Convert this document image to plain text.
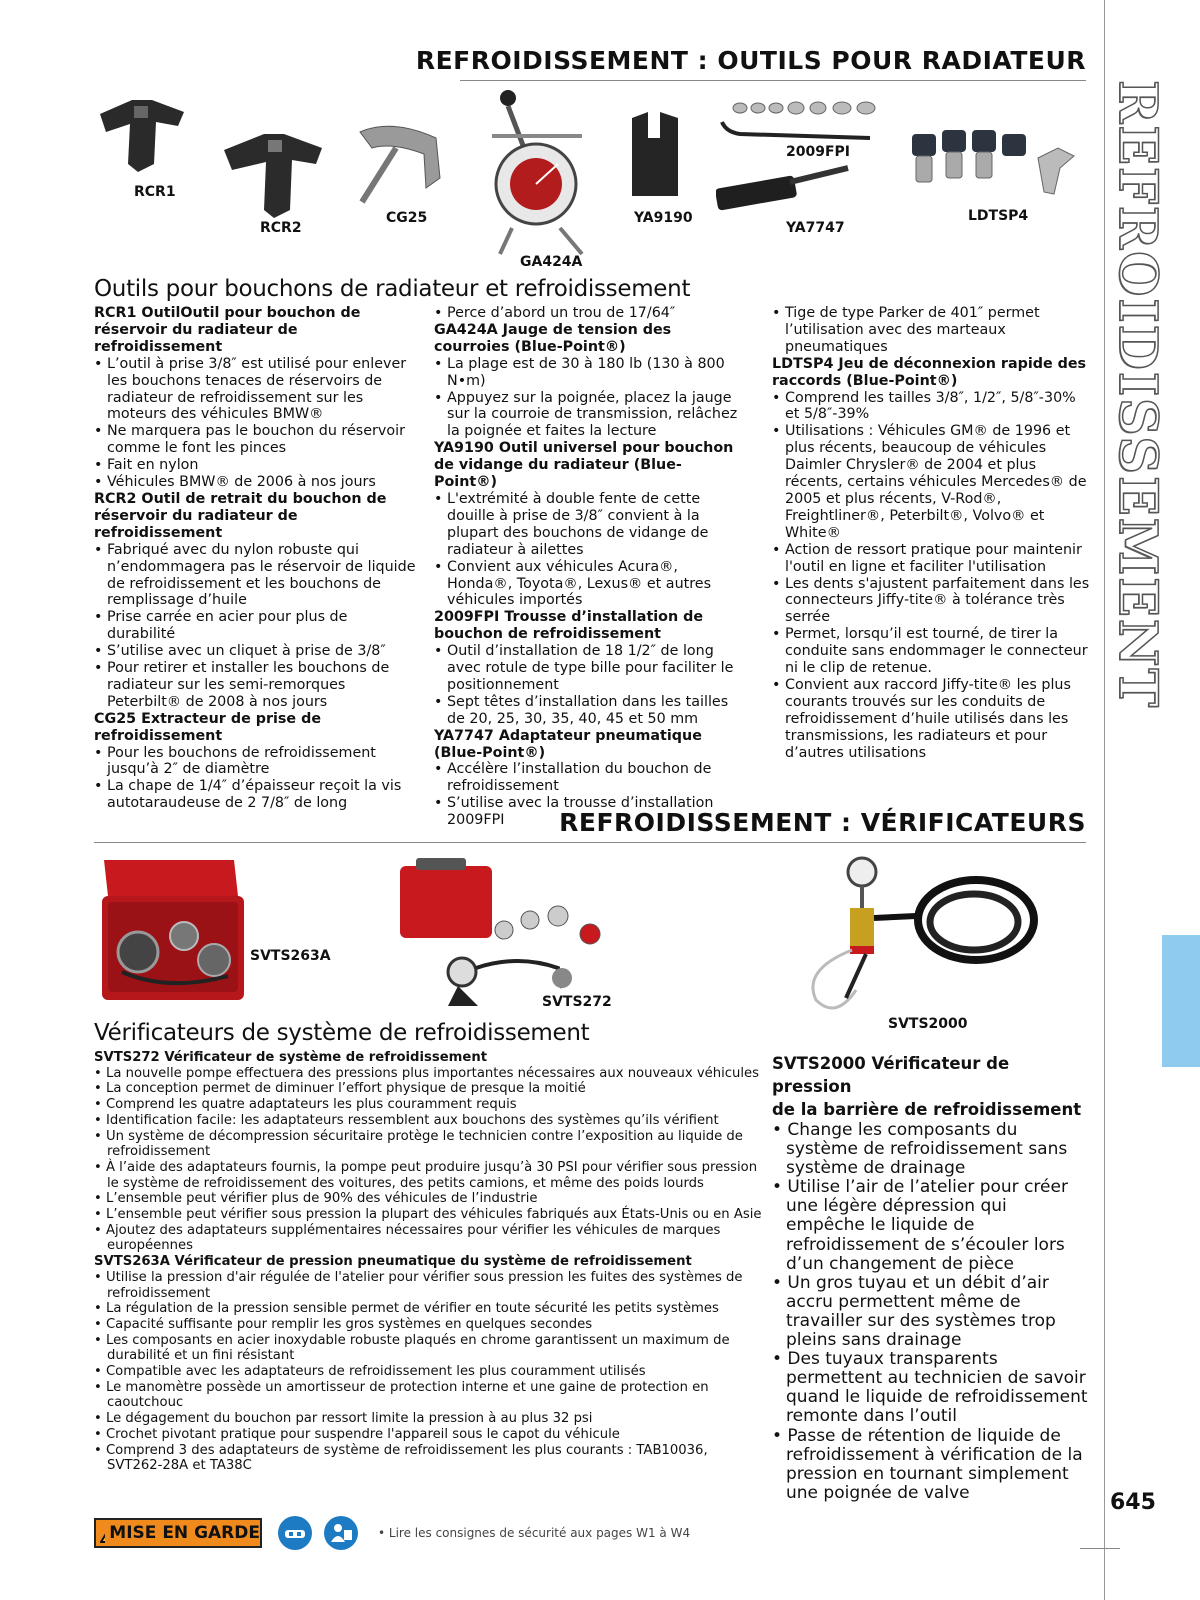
REFROIDISSEMENT
645
REFROIDISSEMENT : OUTILS POUR RADIATEUR
RCR1
RCR2
CG25
GA424A
YA9190
2009FPI
YA7747
LDTSP4
Outils pour bouchons de radiateur et refroidissement

RCR1 OutilOutil pour bouchon de réservoir du radiateur de refroidissement

• L’outil à prise 3/8″ est utilisé pour enlever les bouchons tenaces de réservoirs de radiateur de refroidissement sur les moteurs des véhicules BMW®

• Ne marquera pas le bouchon du réservoir comme le font les pinces

• Fait en nylon

• Véhicules BMW® de 2006 à nos jours

RCR2 Outil de retrait du bouchon de réservoir du radiateur de refroidissement

• Fabriqué avec du nylon robuste qui n’endommagera pas le réservoir de liquide de refroidissement et les bouchons de remplissage d’huile

• Prise carrée en acier pour plus de durabilité

• S’utilise avec un cliquet à prise de 3/8″

• Pour retirer et installer les bouchons de radiateur sur les semi-remorques Peterbilt® de 2008 à nos jours

CG25 Extracteur de prise de refroidissement

• Pour les bouchons de refroidissement jusqu’à 2″ de diamètre

• La chape de 1/4″ d’épaisseur reçoit la vis autotaraudeuse de 2 7/8″ de long

• Perce d’abord un trou de 17/64″

GA424A Jauge de tension des courroies (Blue-Point®)

• La plage est de 30 à 180 lb (130 à 800 N•m)

• Appuyez sur la poignée, placez la jauge sur la courroie de transmission, relâchez la poignée et faites la lecture

YA9190 Outil universel pour bouchon de vidange du radiateur (Blue-Point®)

• L'extrémité à double fente de cette douille à prise de 3/8″ convient à la plupart des bouchons de vidange de radiateur à ailettes

• Convient aux véhicules Acura®, Honda®, Toyota®, Lexus® et autres véhicules importés

2009FPI Trousse d’installation de bouchon de refroidissement

• Outil d’installation de 18 1/2″ de long avec rotule de type bille pour faciliter le positionnement

• Sept têtes d’installation dans les tailles de 20, 25, 30, 35, 40, 45 et 50 mm

YA7747 Adaptateur pneumatique (Blue-Point®)

• Accélère l’installation du bouchon de refroidissement

• S’utilise avec la trousse d’installation 2009FPI

• Tige de type Parker de 401″ permet l’utilisation avec des marteaux pneumatiques

LDTSP4 Jeu de déconnexion rapide des raccords (Blue-Point®)

• Comprend les tailles 3/8″, 1/2″, 5/8″-30% et 5/8″-39%

• Utilisations : Véhicules GM® de 1996 et plus récents, beaucoup de véhicules Daimler Chrysler® de 2004 et plus récents, certains véhicules Mercedes® de 2005 et plus récents, V-Rod®, Freightliner®, Peterbilt®, Volvo® et White®

• Action de ressort pratique pour maintenir l'outil en ligne et faciliter l'utilisation

• Les dents s'ajustent parfaitement dans les connecteurs Jiffy-tite® à tolérance très serrée

• Permet, lorsqu’il est tourné, de tirer la conduite sans endommager le connecteur ni le clip de retenue.

• Convient aux raccord Jiffy-tite® les plus courants trouvés sur les conduits de refroidissement d’huile utilisés dans les transmissions, les radiateurs et pour d’autres utilisations

REFROIDISSEMENT : VÉRIFICATEURS
SVTS263A
SVTS272
SVTS2000
Vérificateurs de système de refroidissement

SVTS272 Vérificateur de système de refroidissement

• La nouvelle pompe effectuera des pressions plus importantes nécessaires aux nouveaux véhicules

• La conception permet de diminuer l’effort physique de presque la moitié

• Comprend les quatre adaptateurs les plus couramment requis

• Identification facile: les adaptateurs ressemblent aux bouchons des systèmes qu’ils vérifient

• Un système de décompression sécuritaire protège le technicien contre l’exposition au liquide de refroidissement

• À l’aide des adaptateurs fournis, la pompe peut produire jusqu’à 30 PSI pour vérifier sous pression le système de refroidissement des voitures, des petits camions, et même des poids lourds

• L’ensemble peut vérifier plus de 90% des véhicules de l’industrie

• L’ensemble peut vérifier sous pression la plupart des véhicules fabriqués aux États-Unis ou en Asie

• Ajoutez des adaptateurs supplémentaires nécessaires pour vérifier les véhicules de marques européennes

SVTS263A Vérificateur de pression pneumatique du système de refroidissement

• Utilise la pression d'air régulée de l'atelier pour vérifier sous pression les fuites des systèmes de refroidissement

• La régulation de la pression sensible permet de vérifier en toute sécurité les petits systèmes

• Capacité suffisante pour remplir les gros systèmes en quelques secondes

• Les composants en acier inoxydable robuste plaqués en chrome garantissent un maximum de durabilité et un fini résistant

• Compatible avec les adaptateurs de refroidissement les plus couramment utilisés

• Le manomètre possède un amortisseur de protection interne et une gaine de protection en caoutchouc

• Le dégagement du bouchon par ressort limite la pression à au plus 32 psi

• Crochet pivotant pratique pour suspendre l'appareil sous le capot du véhicule

• Comprend 3 des adaptateurs de système de refroidissement les plus courants : TAB10036, SVT262-28A et TA38C

SVTS2000 Vérificateur de pression

de la barrière de refroidissement

• Change les composants du système de refroidissement sans système de drainage

• Utilise l’air de l’atelier pour créer une légère dépression qui empêche le liquide de refroidissement de s’écouler lors d’un changement de pièce

• Un gros tuyau et un débit d’air accru permettent même de travailler sur des systèmes trop pleins sans drainage

• Des tuyaux transparents permettent au technicien de savoir quand le liquide de refroidissement remonte dans l’outil

• Passe de rétention de liquide de refroidissement à vérification de la pression en tournant simplement une poignée de valve

MISE EN GARDE	• Lire les consignes de sécurité aux pages W1 à W4
